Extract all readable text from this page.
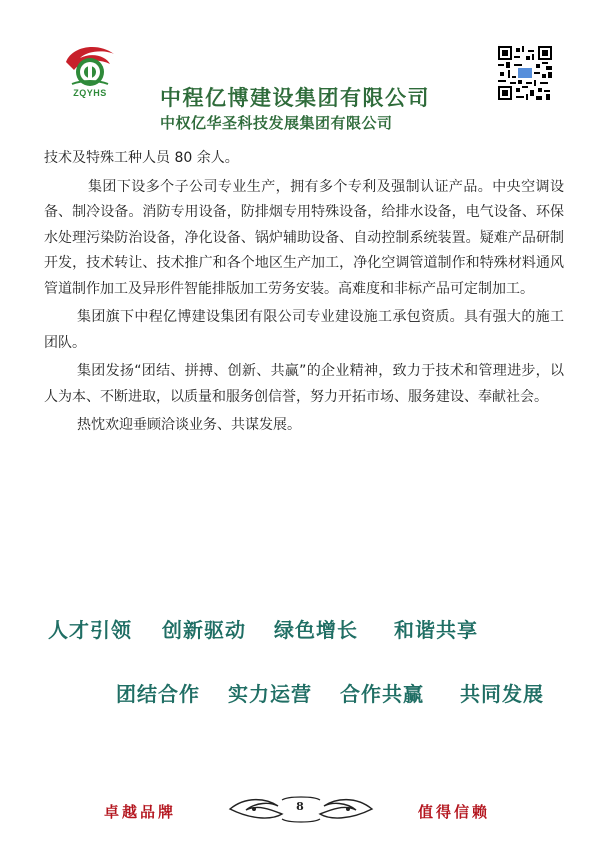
ZQYHS	中程亿博建设集团有限公司
中权亿华圣科技发展集团有限公司

技术及特殊工种人员 80 余人。

集团下设多个子公司专业生产，拥有多个专利及强制认证产品。中央空调设备、制冷设备。消防专用设备，防排烟专用特殊设备，给排水设备，电气设备、环保水处理污染防治设备，净化设备、锅炉辅助设备、自动控制系统装置。疑难产品研制开发，技术转让、技术推广和各个地区生产加工，净化空调管道制作和特殊材料通风管道制作加工及异形件智能排版加工劳务安装。高难度和非标产品可定制加工。

集团旗下中程亿博建设集团有限公司专业建设施工承包资质。具有强大的施工团队。

集团发扬“团结、拼搏、创新、共赢”的企业精神，致力于技术和管理进步，以人为本、不断进取，以质量和服务创信誉，努力开拓市场、服务建设、奉献社会。

热忱欢迎垂顾洽谈业务、共谋发展。

人才引领 创新驱动 绿色增长 和谐共享
团结合作 实力运营 合作共赢 共同发展
卓越品牌	8	值得信赖
